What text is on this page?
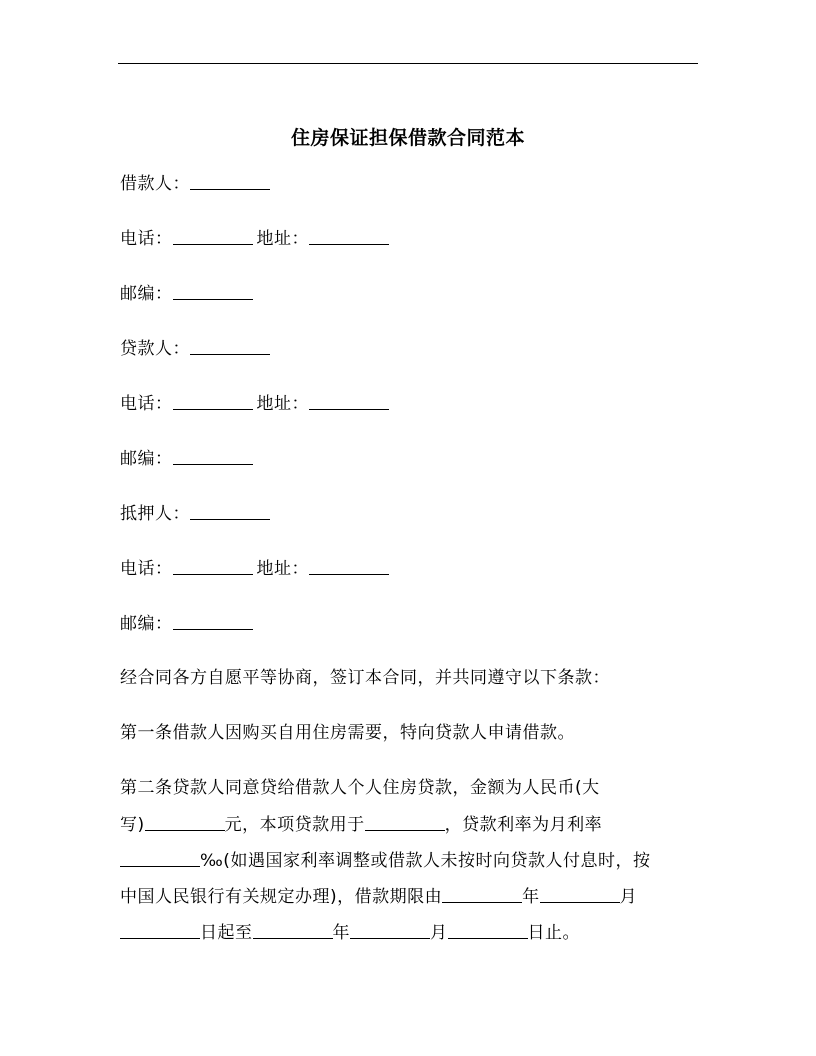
住房保证担保借款合同范本
借款人：
电话：	地址：
邮编：
贷款人：
电话：	地址：
邮编：
抵押人：
电话：	地址：
邮编：
经合同各方自愿平等协商，签订本合同，并共同遵守以下条款：
第一条借款人因购买自用住房需要，特向贷款人申请借款。
第二条贷款人同意贷给借款人个人住房贷款，金额为人民币(大
写)	元，本项贷款用于	，贷款利率为月利率
‰(如遇国家利率调整或借款人未按时向贷款人付息时，按
中国人民银行有关规定办理)，借款期限由	年	月
日起至	年	月	日止。
